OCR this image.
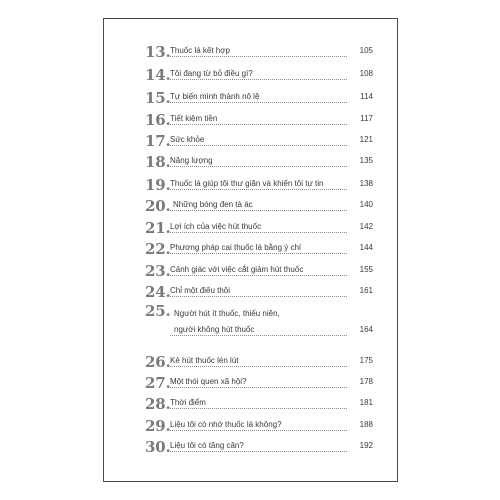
13. Thuốc lá kết hợp	105
14. Tôi đang từ bỏ điều gì?	108
15. Tự biến mình thành nô lệ	114
16. Tiết kiệm tiền	117
17. Sức khỏe	121
18. Năng lượng	135
19. Thuốc lá giúp tôi thư giãn và khiến tôi tự tin	138
20. Những bóng đen tà ác	140
21. Lợi ích của việc hút thuốc	142
22. Phương pháp cai thuốc lá bằng ý chí	144
23. Cảnh giác với việc cắt giảm hút thuốc	155
24. Chỉ một điếu thôi	161
25. Người hút ít thuốc, thiếu niên,
người không hút thuốc	164
26. Kẻ hút thuốc lén lút	175
27. Một thói quen xã hội?	178
28. Thời điểm	181
29. Liệu tôi có nhớ thuốc lá không?	188
30. Liệu tôi có tăng cân?	192
